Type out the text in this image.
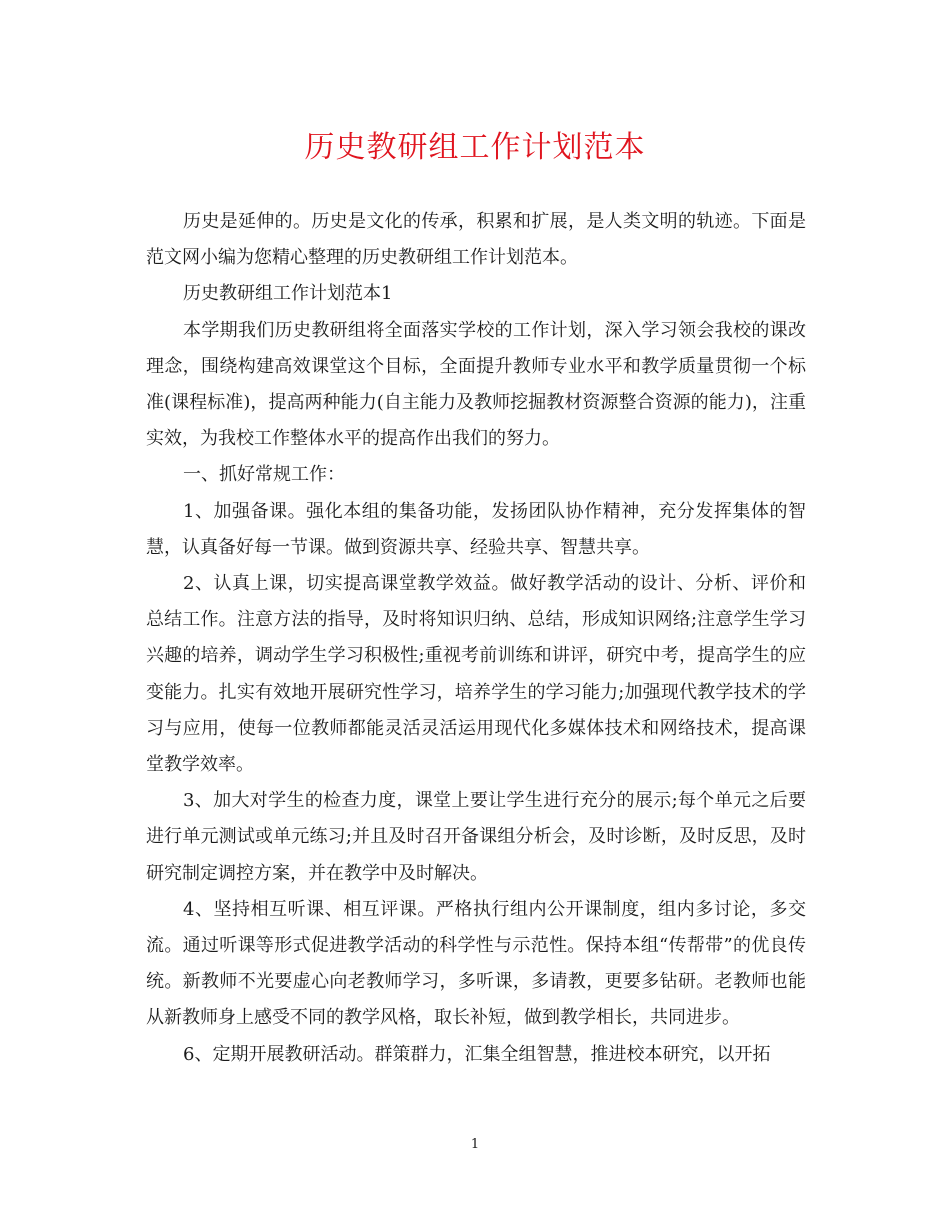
历史教研组工作计划范本

历史是延伸的。历史是文化的传承，积累和扩展，是人类文明的轨迹。下面是范文网小编为您精心整理的历史教研组工作计划范本。

历史教研组工作计划范本1

本学期我们历史教研组将全面落实学校的工作计划，深入学习领会我校的课改理念，围绕构建高效课堂这个目标，全面提升教师专业水平和教学质量贯彻一个标准(课程标准)，提高两种能力(自主能力及教师挖掘教材资源整合资源的能力)，注重实效，为我校工作整体水平的提高作出我们的努力。

一、抓好常规工作：

1、加强备课。强化本组的集备功能，发扬团队协作精神，充分发挥集体的智慧，认真备好每一节课。做到资源共享、经验共享、智慧共享。

2、认真上课，切实提高课堂教学效益。做好教学活动的设计、分析、评价和总结工作。注意方法的指导，及时将知识归纳、总结，形成知识网络;注意学生学习兴趣的培养，调动学生学习积极性;重视考前训练和讲评，研究中考，提高学生的应变能力。扎实有效地开展研究性学习，培养学生的学习能力;加强现代教学技术的学习与应用，使每一位教师都能灵活灵活运用现代化多媒体技术和网络技术，提高课堂教学效率。

3、加大对学生的检查力度，课堂上要让学生进行充分的展示;每个单元之后要进行单元测试或单元练习;并且及时召开备课组分析会，及时诊断，及时反思，及时研究制定调控方案，并在教学中及时解决。

4、坚持相互听课、相互评课。严格执行组内公开课制度，组内多讨论，多交流。通过听课等形式促进教学活动的科学性与示范性。保持本组“传帮带”的优良传统。新教师不光要虚心向老教师学习，多听课，多请教，更要多钻研。老教师也能从新教师身上感受不同的教学风格，取长补短，做到教学相长，共同进步。

6、定期开展教研活动。群策群力，汇集全组智慧，推进校本研究，以开拓

1
